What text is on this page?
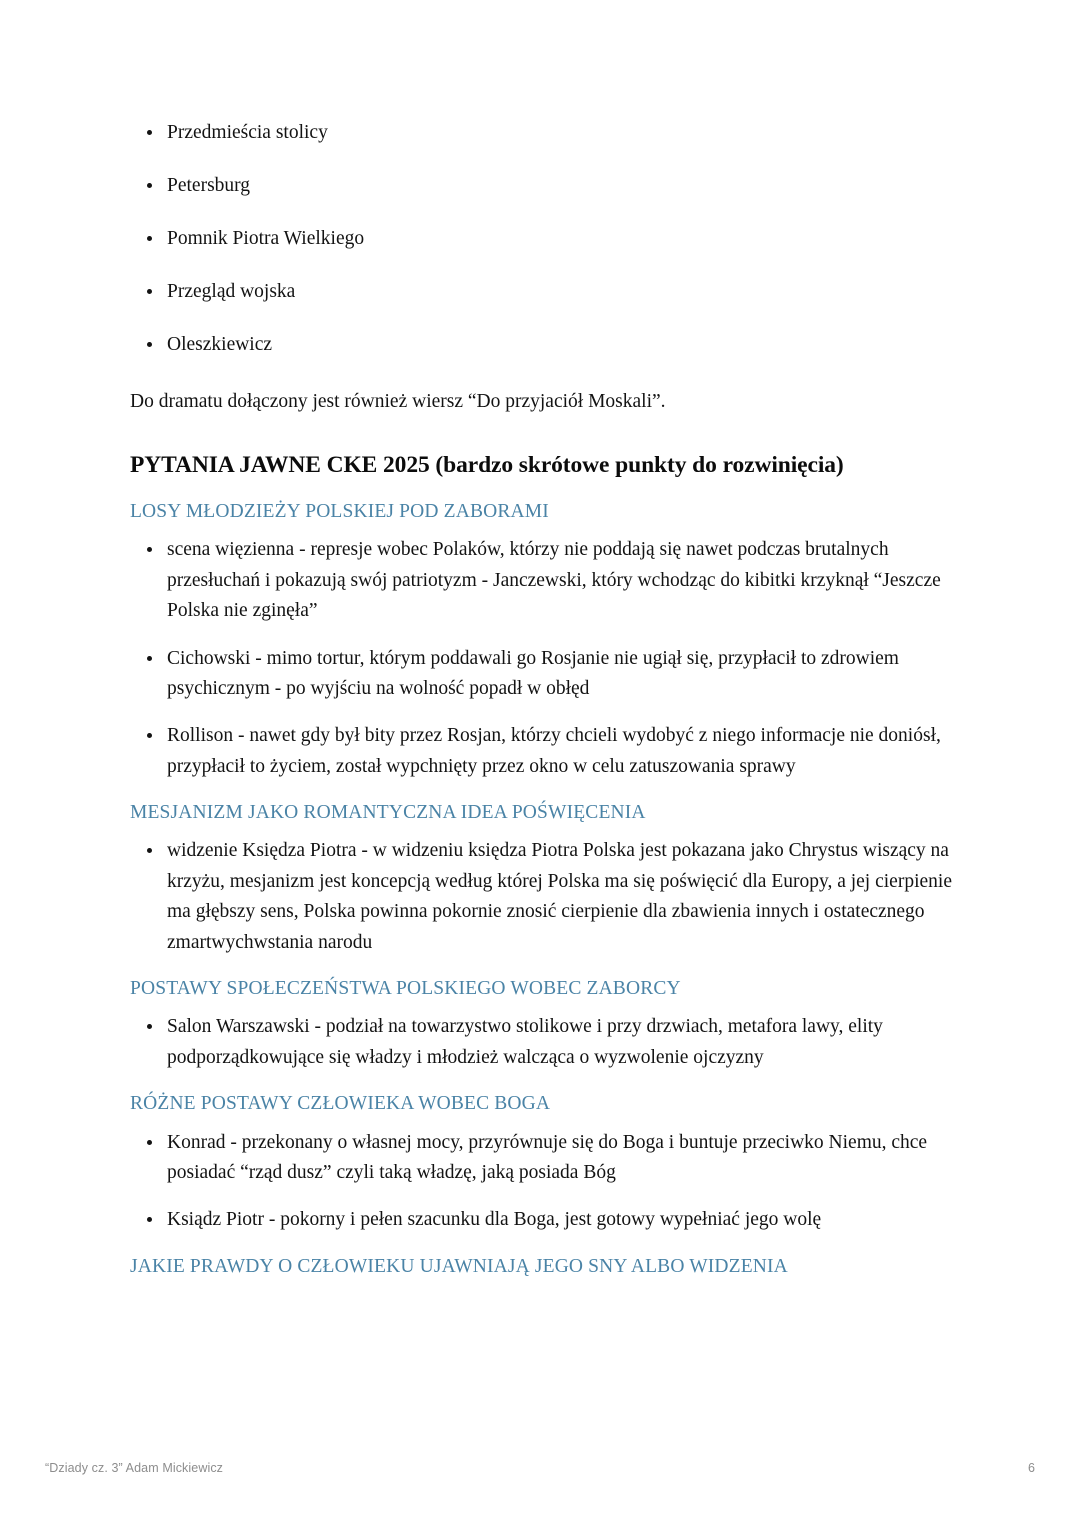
Przedmieścia stolicy
Petersburg
Pomnik Piotra Wielkiego
Przegląd wojska
Oleszkiewicz

Do dramatu dołączony jest również wiersz “Do przyjaciół Moskali”.

PYTANIA JAWNE CKE 2025 (bardzo skrótowe punkty do rozwinięcia)
LOSY MŁODZIEŻY POLSKIEJ POD ZABORAMI
scena więzienna - represje wobec Polaków, którzy nie poddają się nawet podczas brutalnych przesłuchań i pokazują swój patriotyzm - Janczewski, który wchodząc do kibitki krzyknął “Jeszcze Polska nie zginęła”
Cichowski - mimo tortur, którym poddawali go Rosjanie nie ugiął się, przypłacił to zdrowiem psychicznym - po wyjściu na wolność popadł w obłęd
Rollison - nawet gdy był bity przez Rosjan, którzy chcieli wydobyć z niego informacje nie doniósł, przypłacił to życiem, został wypchnięty przez okno w celu zatuszowania sprawy
MESJANIZM JAKO ROMANTYCZNA IDEA POŚWIĘCENIA
widzenie Księdza Piotra - w widzeniu księdza Piotra Polska jest pokazana jako Chrystus wiszący na krzyżu, mesjanizm jest koncepcją według której Polska ma się poświęcić dla Europy, a jej cierpienie ma głębszy sens, Polska powinna pokornie znosić cierpienie dla zbawienia innych i ostatecznego zmartwychwstania narodu
POSTAWY SPOŁECZEŃSTWA POLSKIEGO WOBEC ZABORCY
Salon Warszawski - podział na towarzystwo stolikowe i przy drzwiach, metafora lawy, elity podporządkowujące się władzy i młodzież walcząca o wyzwolenie ojczyzny
RÓŻNE POSTAWY CZŁOWIEKA WOBEC BOGA
Konrad - przekonany o własnej mocy, przyrównuje się do Boga i buntuje przeciwko Niemu, chce posiadać “rząd dusz” czyli taką władzę, jaką posiada Bóg
Ksiądz Piotr - pokorny i pełen szacunku dla Boga, jest gotowy wypełniać jego wolę
JAKIE PRAWDY O CZŁOWIEKU UJAWNIAJĄ JEGO SNY ALBO WIDZENIA
“Dziady cz. 3” Adam Mickiewicz	6
